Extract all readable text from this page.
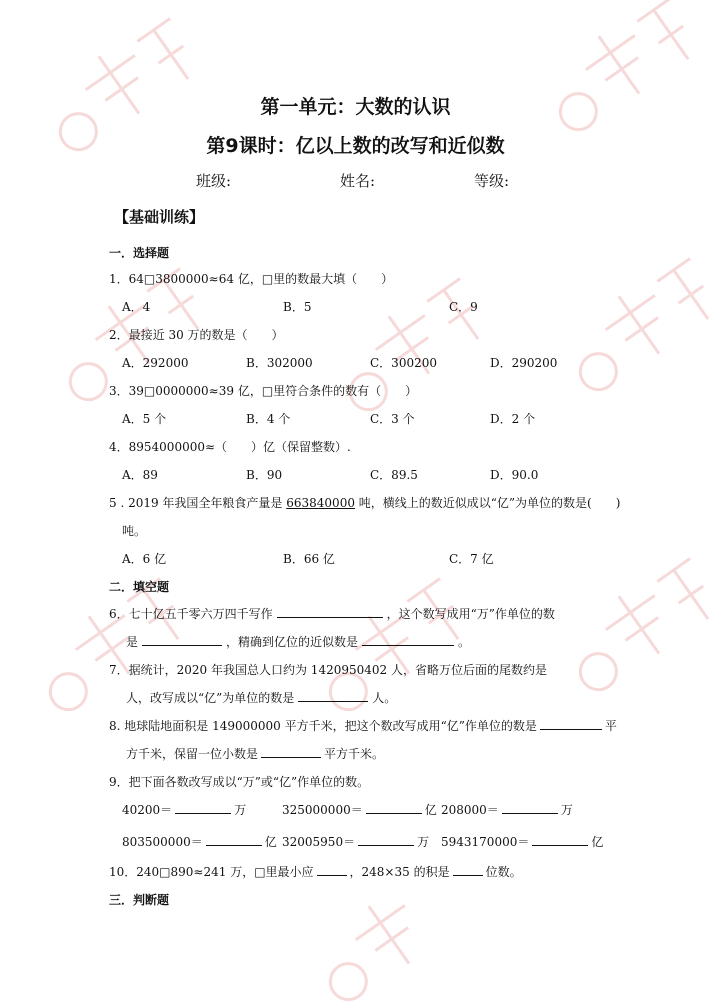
第一单元：大数的认识
第9课时：亿以上数的改写和近似数
班级:	姓名:	等级:
【基础训练】
一．选择题
1．64□3800000≈64 亿，□里的数最大填（　　）
A．4	B．5	C．9
2．最接近 30 万的数是（　　）
A．292000	B．302000	C．300200	D．290200
3．39□0000000≈39 亿，□里符合条件的数有（　　）
A．5 个	B．4 个	C．3 个	D．2 个
4．8954000000≈（　　）亿（保留整数）.
A．89	B．90	C．89.5	D．90.0
5 . 2019 年我国全年粮食产量是 663840000 吨，横线上的数近似成以“亿”为单位的数是(　　)
吨。
A．6 亿	B．66 亿	C．7 亿
二．填空题
6．七十亿五千零六万四千写作	，这个数写成用“万”作单位的数
是	，精确到亿位的近似数是	。
7．据统计，2020 年我国总人口约为 1420950402 人，省略万位后面的尾数约是
人，改写成以“亿”为单位的数是	人。
8. 地球陆地面积是 149000000 平方千米，把这个数改写成用“亿”作单位的数是	平
方千米，保留一位小数是	平方千米。
9．把下面各数改写成以“万”或“亿”作单位的数。
40200＝	万	325000000＝	亿 208000＝	万
803500000＝	亿 32005950＝	万 5943170000＝	亿
10．240□890≈241 万，□里最小应	，248×35 的积是	位数。
三．判断题
